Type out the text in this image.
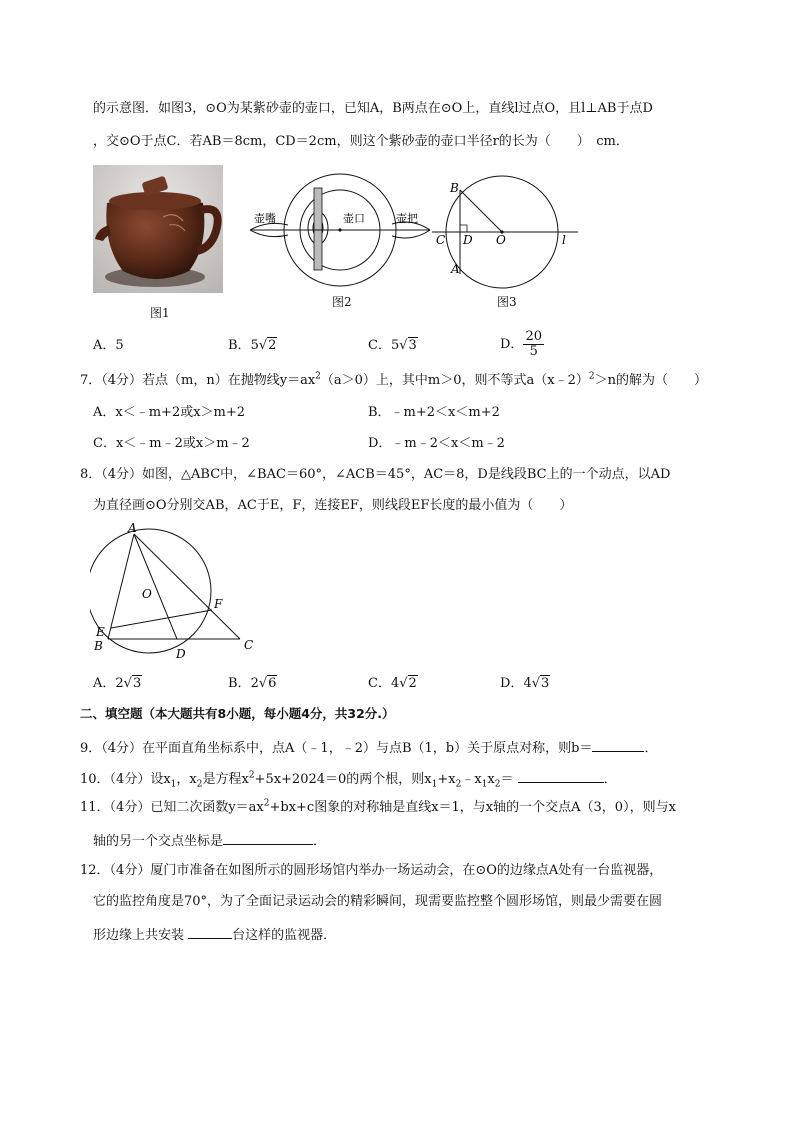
的示意图．如图3，⊙O为某紫砂壶的壶口，已知A，B两点在⊙O上，直线l过点O，且l⊥AB于点D
，交⊙O于点C．若AB＝8cm，CD＝2cm，则这个紫砂壶的壶口半径r的长为（　　）　cm．
图1
壶嘴	壶口	壶把
图2
B
C D O	l
A
图3
A．5	B．5√2	C．5√3	D． $\frac{20}{5}$
7．（4分）若点（m，n）在抛物线$y=ax^2(a>0)$上，其中m＞0，则不等式a（x﹣2）$^2$＞n的解为（　　）
A．x＜﹣m+2或x＞m+2	B．﹣m+2＜x＜m+2
C．x＜﹣m﹣2或x＞m﹣2	D．﹣m﹣2＜x＜m﹣2
8．（4分）如图，△ABC中，∠BAC＝60°，∠ACB＝45°，AC＝8，D是线段BC上的一个动点，以AD
为直径画⊙O分别交AB，AC于E，F，连接EF，则线段EF长度的最小值为（　　）
A
O
F
E
B
D
C
A．2√3	B．2√6	C．4√2	D．4√3
二、填空题（本大题共有8小题，每小题4分，共32分.）
9．（4分）在平面直角坐标系中，点A（﹣1，﹣2）与点B（1，b）关于原点对称，则b＝	．
10．（4分）设$x_1$，$x_2$是方程$x^2+5x+2024=0$的两个根，则$x_1+x_2﹣x_1x_2=$	．
11．（4分）已知二次函数$y=ax^2+bx+c$图象的对称轴是直线x＝1，与x轴的一个交点A（3，0），则与x
轴的另一个交点坐标是	．
12．（4分）厦门市准备在如图所示的圆形场馆内举办一场运动会，在⊙O的边缘点A处有一台监视器，
它的监控角度是70°，为了全面记录运动会的精彩瞬间，现需要监控整个圆形场馆，则最少需要在圆
形边缘上共安装	台这样的监视器．
